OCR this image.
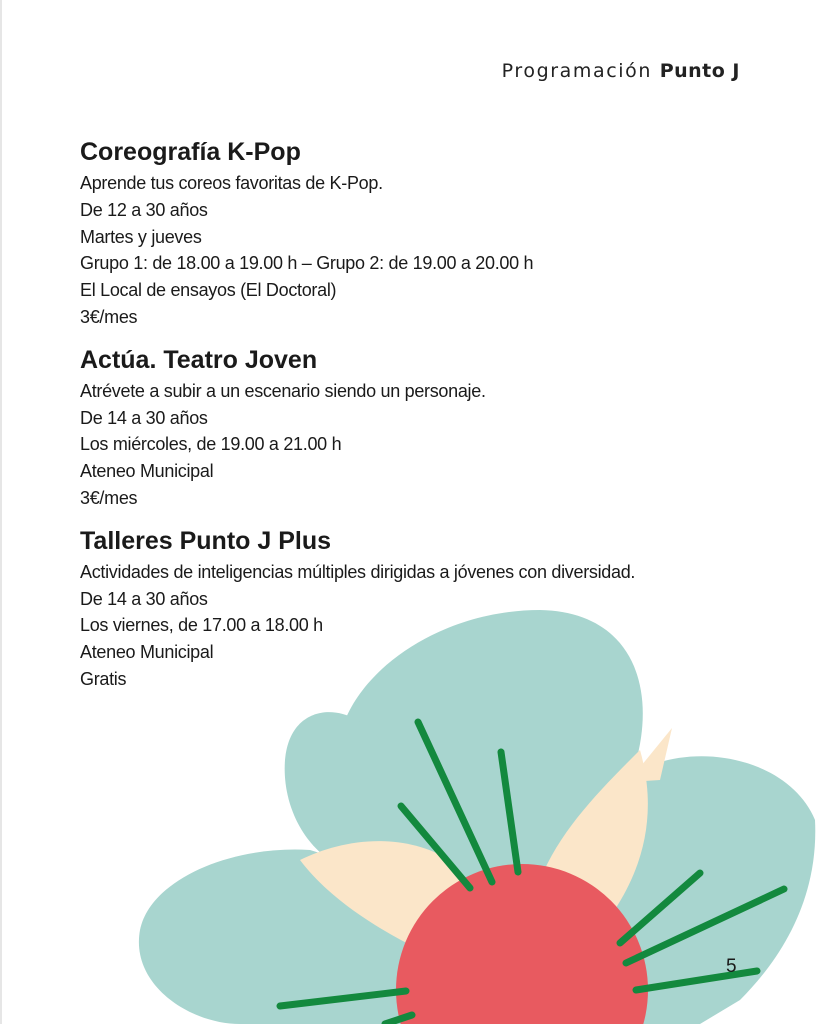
Programación Punto J
Coreografía K-Pop
Aprende tus coreos favoritas de K-Pop.
De 12 a 30 años
Martes y jueves
Grupo 1: de 18.00 a 19.00 h – Grupo 2: de 19.00 a 20.00 h
El Local de ensayos (El Doctoral)
3€/mes
Actúa. Teatro Joven
Atrévete a subir a un escenario siendo un personaje.
De 14 a 30 años
Los miércoles, de 19.00 a 21.00 h
Ateneo Municipal
3€/mes
Talleres Punto J Plus
Actividades de inteligencias múltiples dirigidas a jóvenes con diversidad.
De 14 a 30 años
Los viernes, de 17.00 a 18.00 h
Ateneo Municipal
Gratis
5
